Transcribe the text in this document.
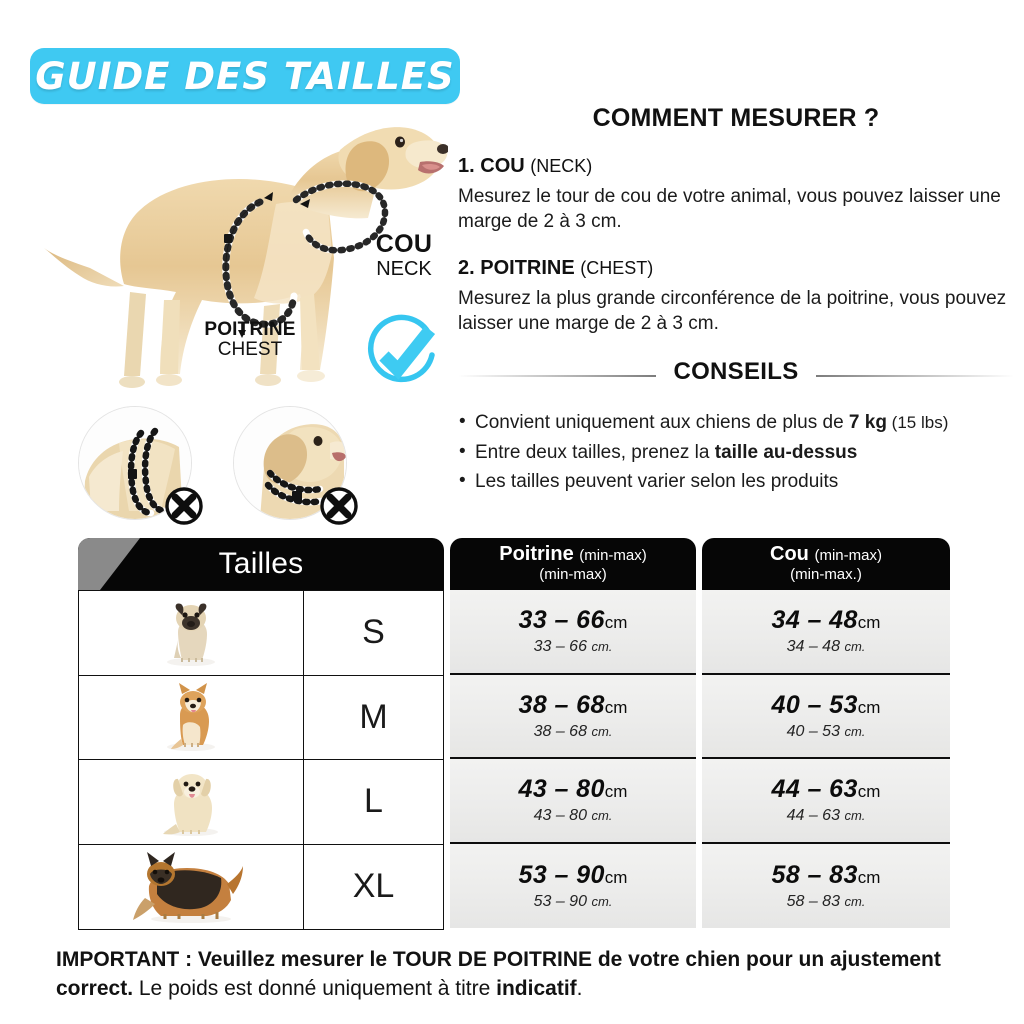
GUIDE DES TAILLES
COU
NECK
POITRINE
CHEST
COMMENT MESURER ?

1. COU (NECK)

Mesurez le tour de cou de votre animal, vous pouvez laisser une marge de 2 à 3 cm.

2. POITRINE (CHEST)

Mesurez la plus grande circonférence de la poitrine, vous pouvez laisser une marge de 2 à 3 cm.

CONSEILS
• Convient uniquement aux chiens de plus de 7 kg (15 lbs)
• Entre deux tailles, prenez la taille au-dessus
• Les tailles peuvent varier selon les produits
Tailles	Poitrine (min-max)
(min-max)
Cou (min-max)
(min-max.)
S
M
L
XL
33 – 66cm
33 – 66 cm.
38 – 68cm
38 – 68 cm.
43 – 80cm
43 – 80 cm.
53 – 90cm
53 – 90 cm.
34 – 48cm
34 – 48 cm.
40 – 53cm
40 – 53 cm.
44 – 63cm
44 – 63 cm.
58 – 83cm
58 – 83 cm.
IMPORTANT : Veuillez mesurer le TOUR DE POITRINE de votre chien pour un ajustement correct. Le poids est donné uniquement à titre indicatif.
